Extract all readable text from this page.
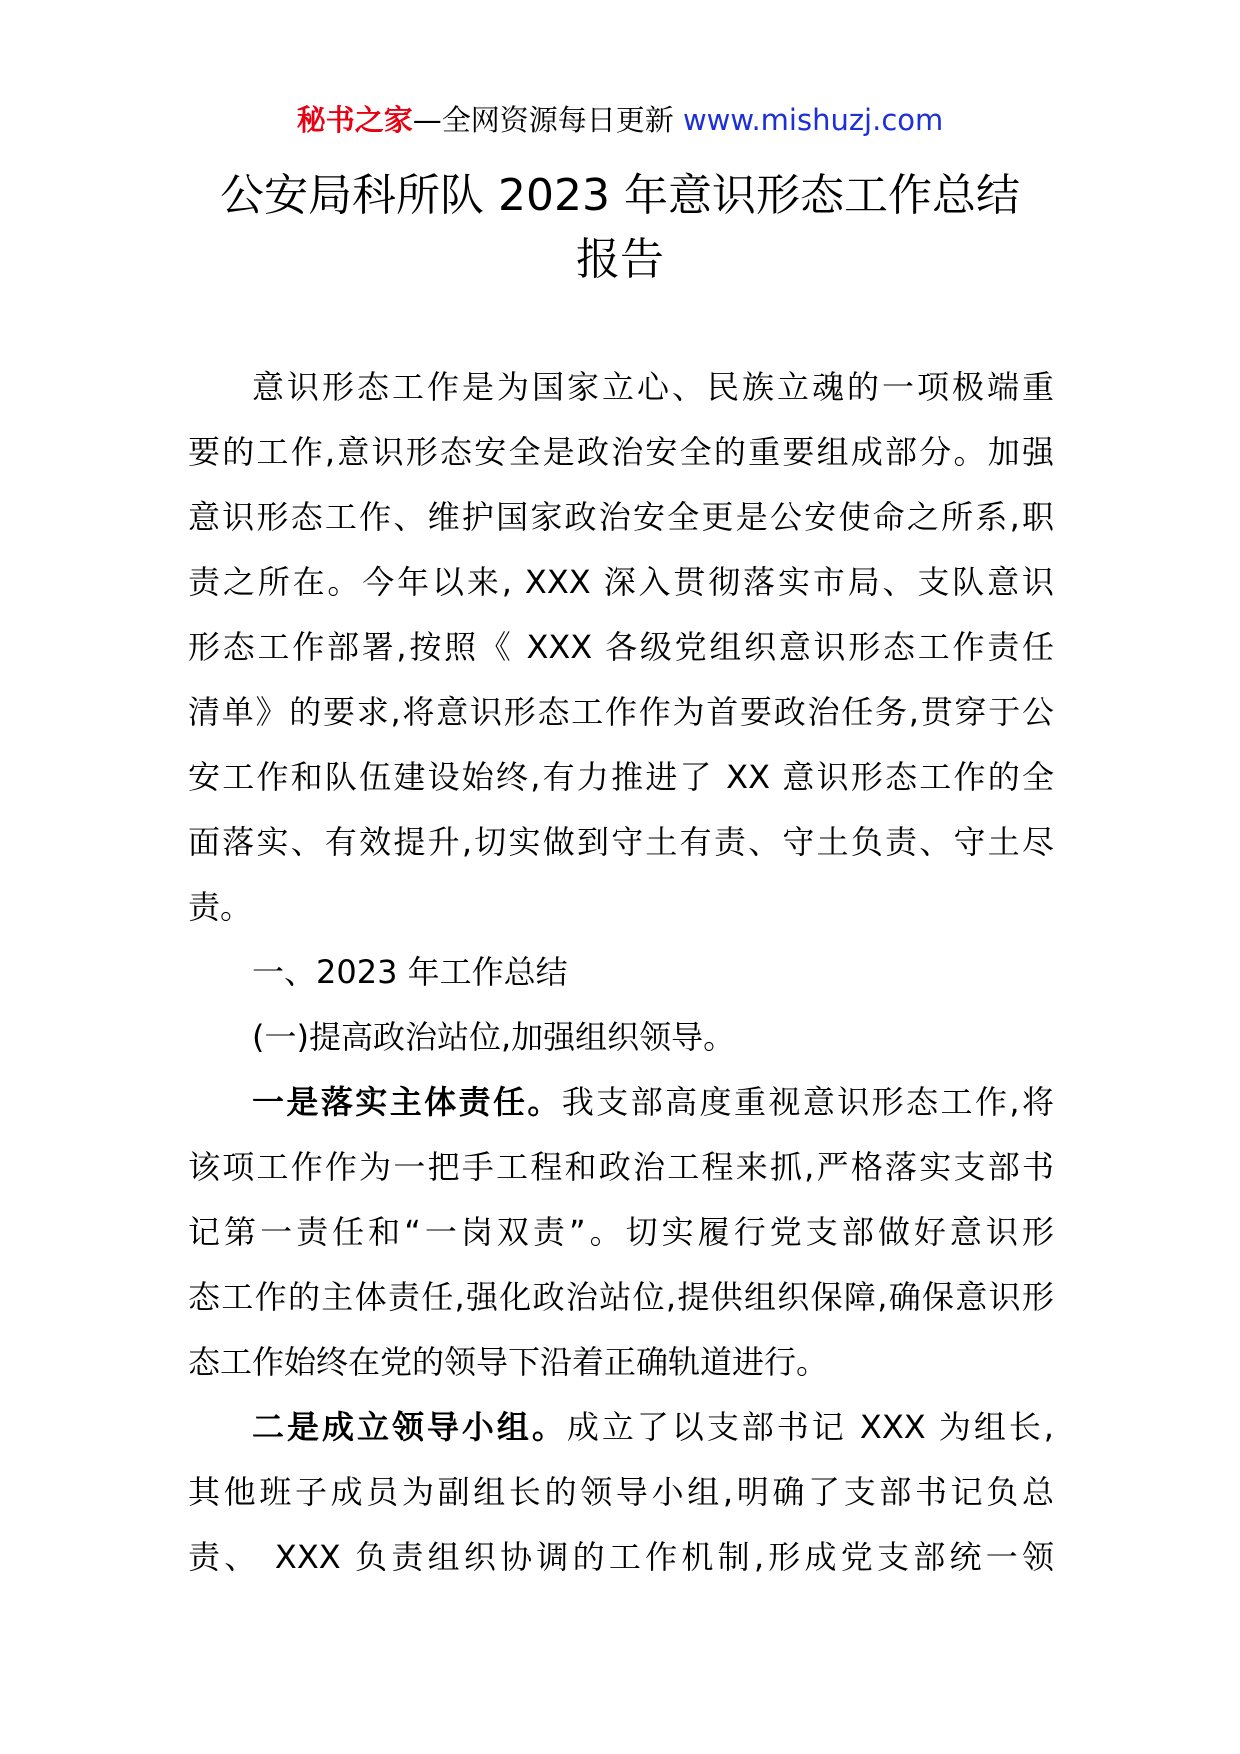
秘书之家—全网资源每日更新 www.mishuzj.com
公安局科所队 2023 年意识形态工作总结
报告
意识形态工作是为国家立心、民族立魂的一项极端重
要的工作,意识形态安全是政治安全的重要组成部分。加强
意识形态工作、维护国家政治安全更是公安使命之所系,职
责之所在。今年以来, XXX 深入贯彻落实市局、支队意识
形态工作部署,按照《 XXX 各级党组织意识形态工作责任
清单》的要求,将意识形态工作作为首要政治任务,贯穿于公
安工作和队伍建设始终,有力推进了 XX 意识形态工作的全
面落实、有效提升,切实做到守土有责、守土负责、守土尽
责。
一、2023 年工作总结
(一)提高政治站位,加强组织领导。
一是落实主体责任。我支部高度重视意识形态工作,将
该项工作作为一把手工程和政治工程来抓,严格落实支部书
记第一责任和“一岗双责”。切实履行党支部做好意识形
态工作的主体责任,强化政治站位,提供组织保障,确保意识形
态工作始终在党的领导下沿着正确轨道进行。
二是成立领导小组。成立了以支部书记 XXX 为组长,
其他班子成员为副组长的领导小组,明确了支部书记负总
责、 XXX 负责组织协调的工作机制,形成党支部统一领
